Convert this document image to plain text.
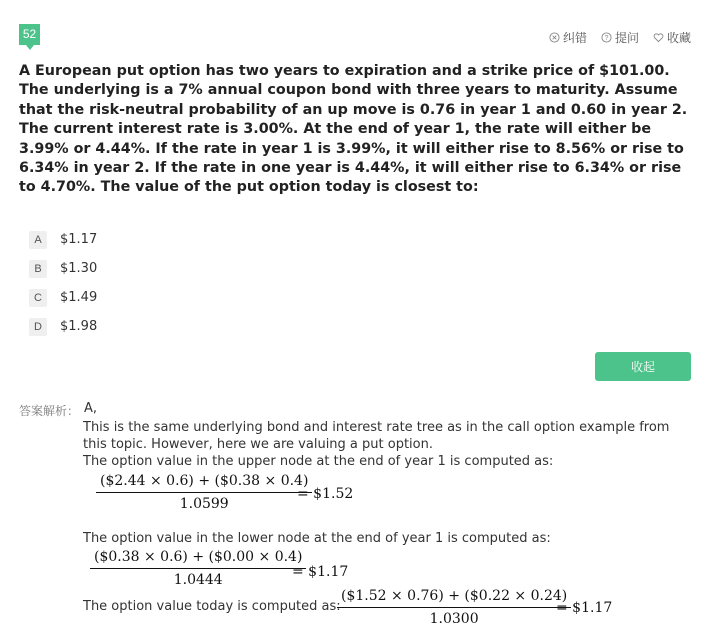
52	纠错 ? 提问 收藏
A European put option has two years to expiration and a strike price of $101.00. The underlying is a 7% annual coupon bond with three years to maturity. Assume that the risk-neutral probability of an up move is 0.76 in year 1 and 0.60 in year 2. The current interest rate is 3.00%. At the end of year 1, the rate will either be 3.99% or 4.44%. If the rate in year 1 is 3.99%, it will either rise to 8.56% or rise to 6.34% in year 2. If the rate in one year is 4.44%, it will either rise to 6.34% or rise to 4.70%. The value of the put option today is closest to:
A	$1.17
B	$1.30
C	$1.49
D	$1.98
收起
答案解析： A,
This is the same underlying bond and interest rate tree as in the call option example from this topic. However, here we are valuing a put option.
The option value in the upper node at the end of year 1 is computed as:
$\frac{(\$2.44 \times 0.6) + (\$0.38 \times 0.4)}{1.0599}$
= $1.52
The option value in the lower node at the end of year 1 is computed as:
$\frac{(\$0.38 \times 0.6) + (\$0.00 \times 0.4)}{1.0444}$
= $1.17
The option value today is computed as:
$\frac{(\$1.52 \times 0.76) + (\$0.22 \times 0.24)}{1.0300}$
= $1.17
